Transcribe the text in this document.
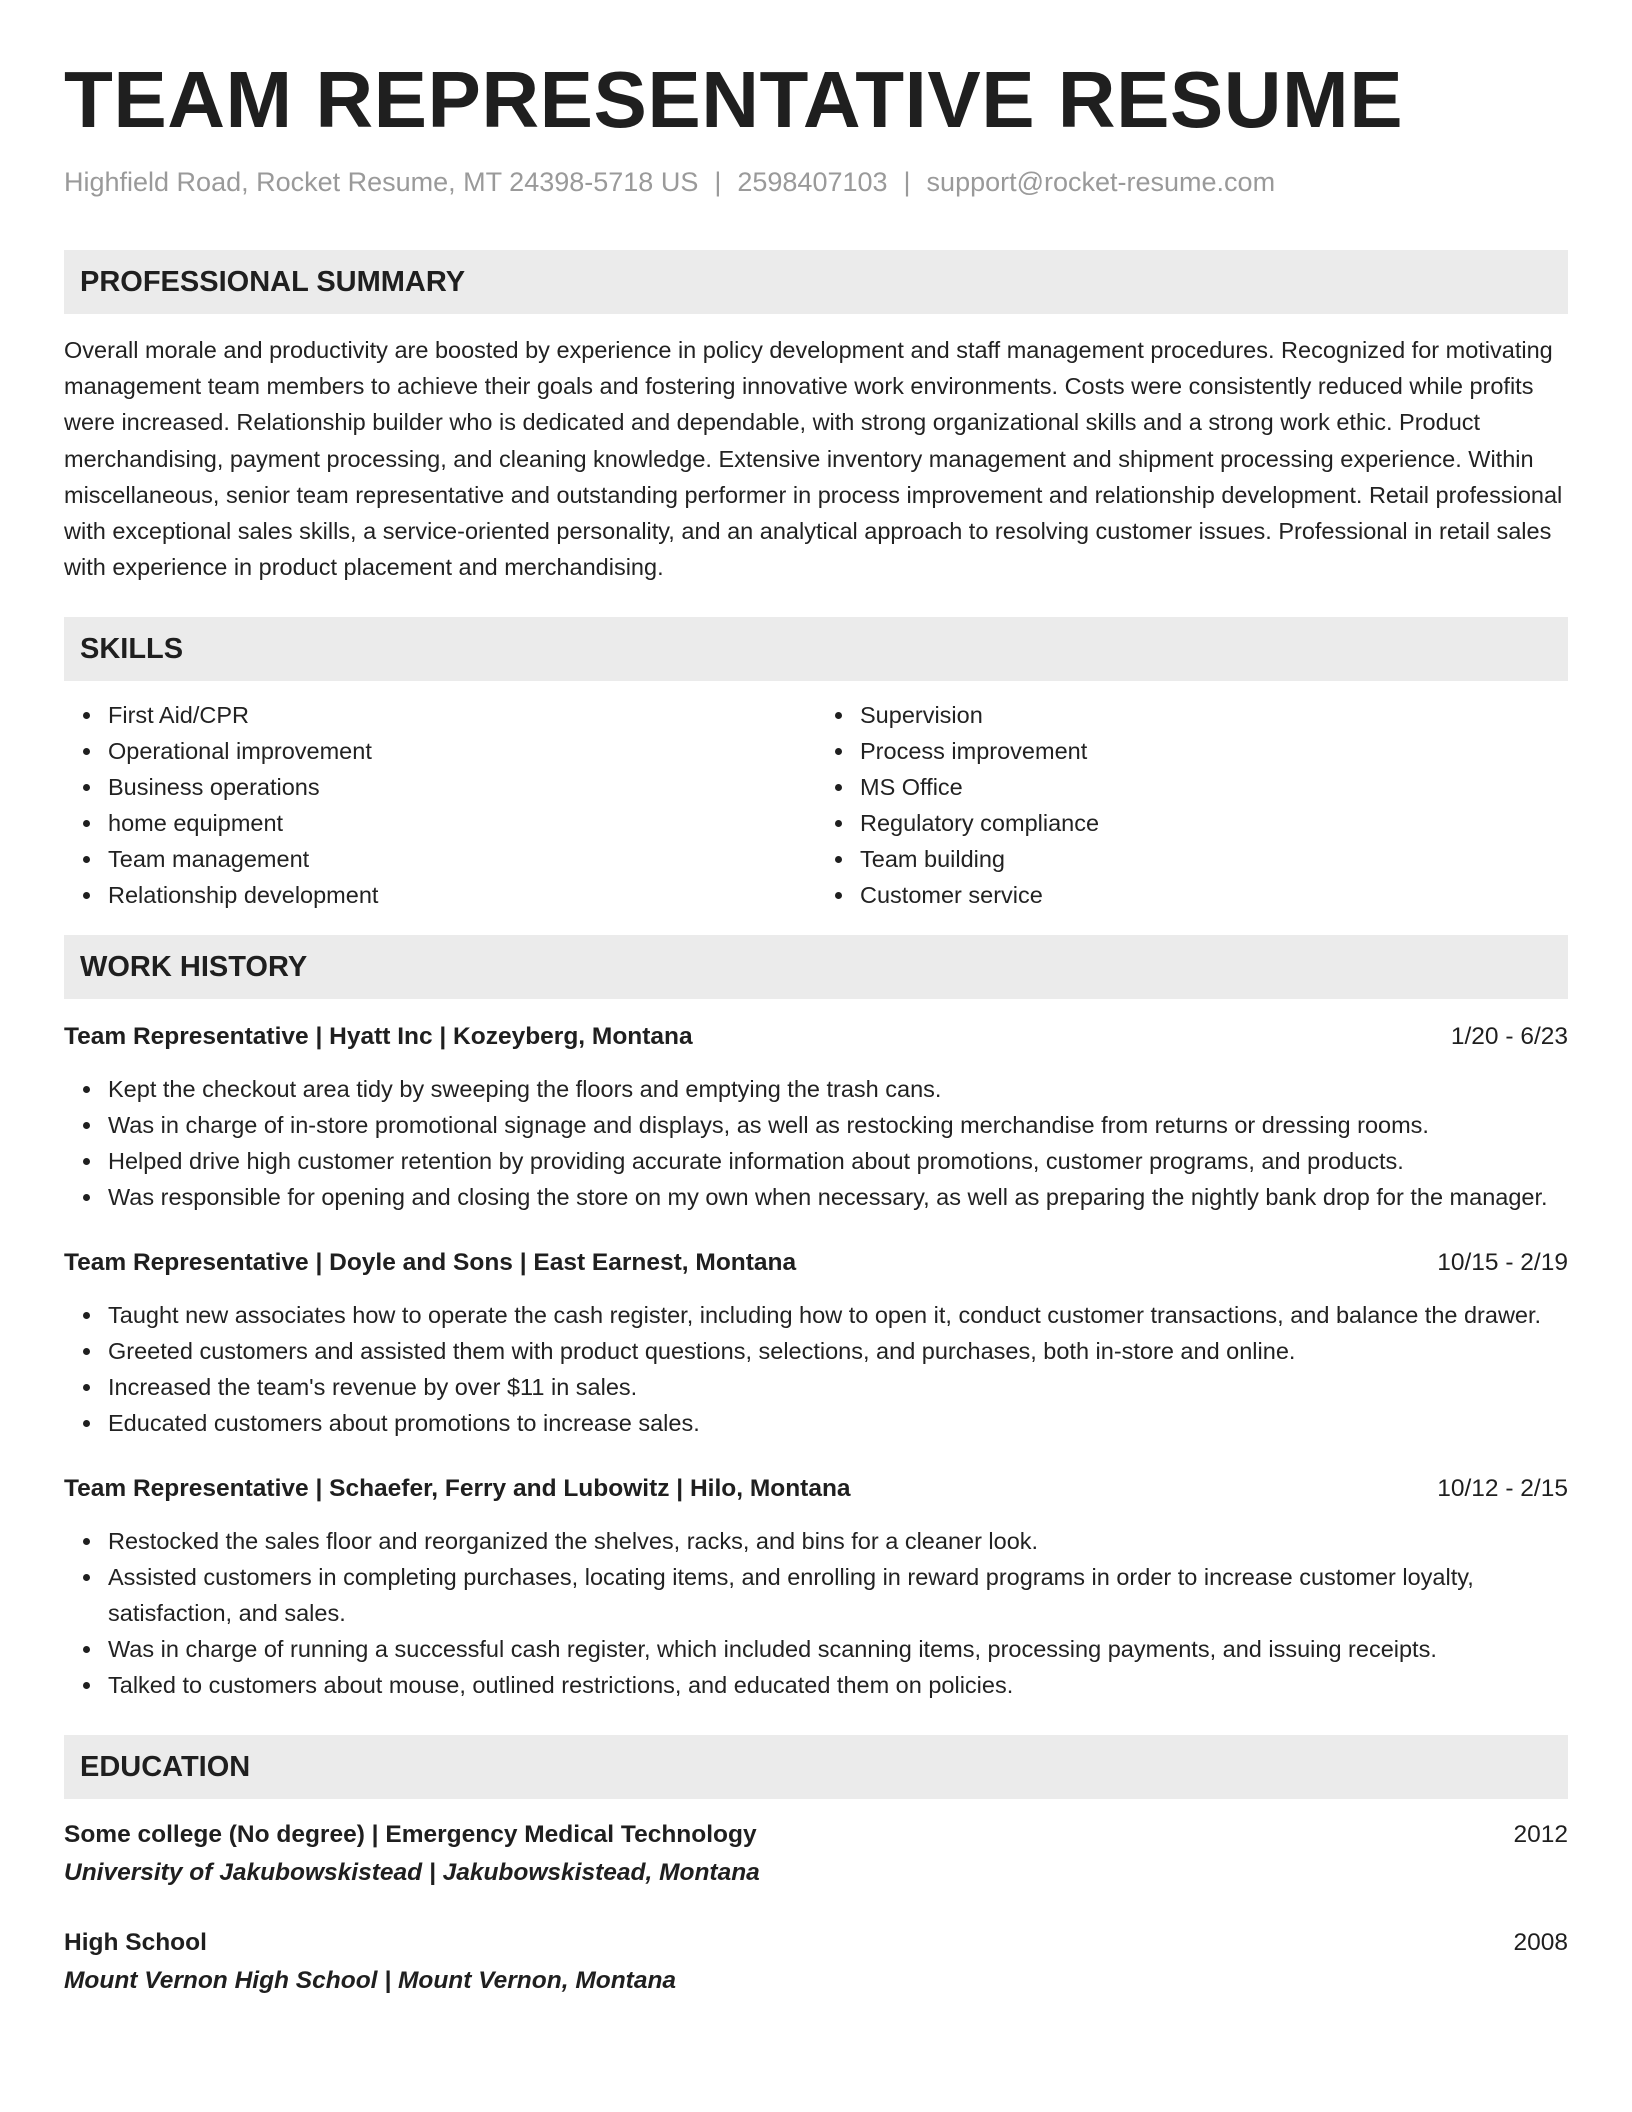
TEAM REPRESENTATIVE RESUME
Highfield Road, Rocket Resume, MT 24398-5718 US | 2598407103 | support@rocket-resume.com
PROFESSIONAL SUMMARY

Overall morale and productivity are boosted by experience in policy development and staff management procedures. Recognized for motivating management team members to achieve their goals and fostering innovative work environments. Costs were consistently reduced while profits were increased. Relationship builder who is dedicated and dependable, with strong organizational skills and a strong work ethic. Product merchandising, payment processing, and cleaning knowledge. Extensive inventory management and shipment processing experience. Within miscellaneous, senior team representative and outstanding performer in process improvement and relationship development. Retail professional with exceptional sales skills, a service-oriented personality, and an analytical approach to resolving customer issues. Professional in retail sales with experience in product placement and merchandising.

SKILLS
First Aid/CPR
Operational improvement
Business operations
home equipment
Team management
Relationship development
Supervision
Process improvement
MS Office
Regulatory compliance
Team building
Customer service
WORK HISTORY
Team Representative | Hyatt Inc | Kozeyberg, Montana	1/20 - 6/23
Kept the checkout area tidy by sweeping the floors and emptying the trash cans.
Was in charge of in-store promotional signage and displays, as well as restocking merchandise from returns or dressing rooms.
Helped drive high customer retention by providing accurate information about promotions, customer programs, and products.
Was responsible for opening and closing the store on my own when necessary, as well as preparing the nightly bank drop for the manager.
Team Representative | Doyle and Sons | East Earnest, Montana	10/15 - 2/19
Taught new associates how to operate the cash register, including how to open it, conduct customer transactions, and balance the drawer.
Greeted customers and assisted them with product questions, selections, and purchases, both in-store and online.
Increased the team's revenue by over $11 in sales.
Educated customers about promotions to increase sales.
Team Representative | Schaefer, Ferry and Lubowitz | Hilo, Montana	10/12 - 2/15
Restocked the sales floor and reorganized the shelves, racks, and bins for a cleaner look.
Assisted customers in completing purchases, locating items, and enrolling in reward programs in order to increase customer loyalty, satisfaction, and sales.
Was in charge of running a successful cash register, which included scanning items, processing payments, and issuing receipts.
Talked to customers about mouse, outlined restrictions, and educated them on policies.
EDUCATION
Some college (No degree) | Emergency Medical Technology	2012
University of Jakubowskistead | Jakubowskistead, Montana
High School	2008
Mount Vernon High School | Mount Vernon, Montana
